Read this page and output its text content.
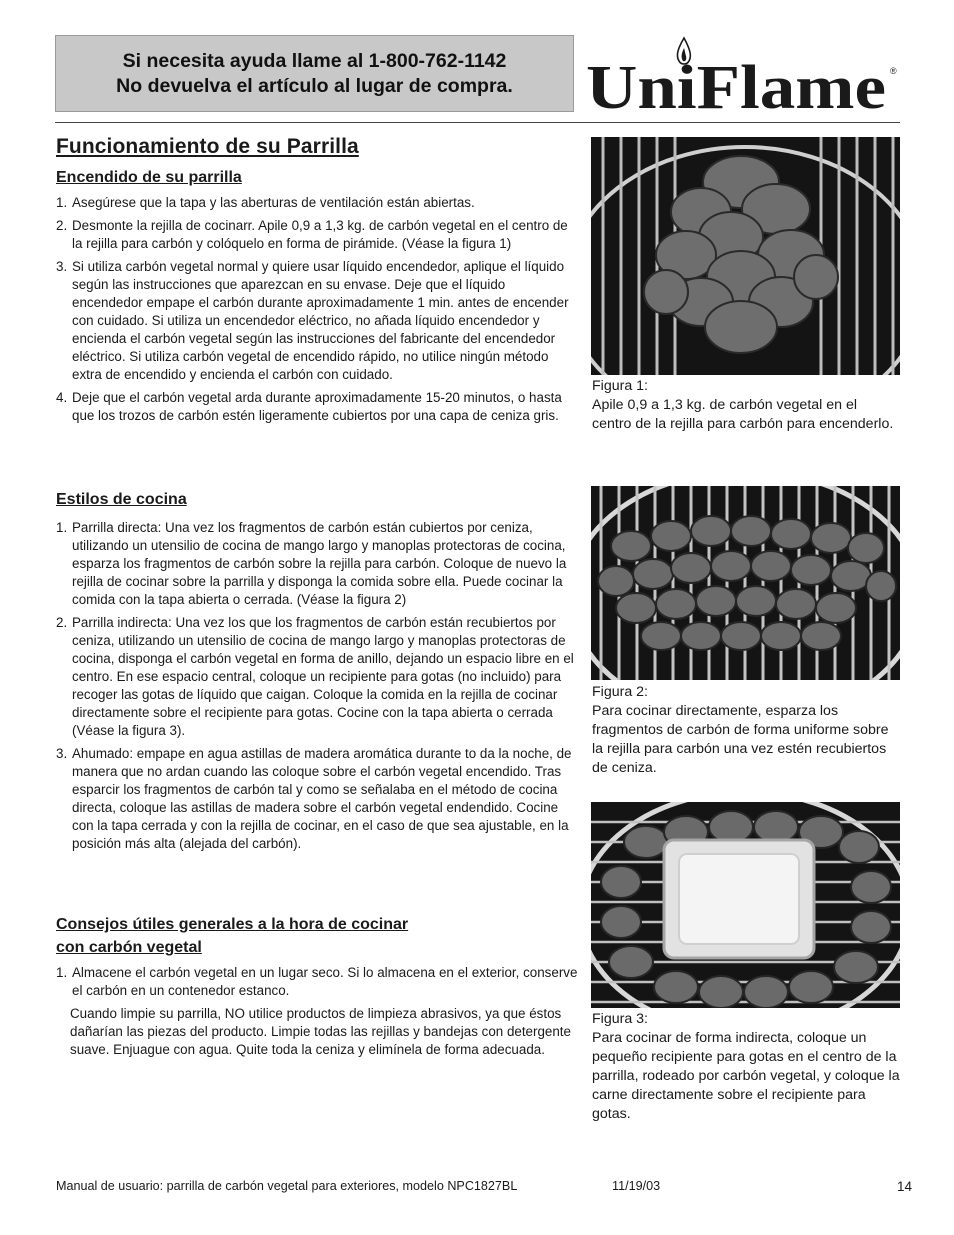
Si necesita ayuda llame al 1-800-762-1142
No devuelva el artículo al lugar de compra. UniFlame ®
Funcionamiento de su Parrilla
Encendido de su parrilla
1. Asegúrese que la tapa y las aberturas de ventilación están abiertas.
2. Desmonte la rejilla de cocinarr. Apile 0,9 a 1,3 kg. de carbón vegetal en el centro de la rejilla para carbón y colóquelo en forma de pirámide. (Véase la figura 1)
3. Si utiliza carbón vegetal normal y quiere usar líquido encendedor, aplique el líquido según las instrucciones que aparezcan en su envase. Deje que el líquido encendedor empape el carbón durante aproximadamente 1 min. antes de encender con cuidado. Si utiliza un encendedor eléctrico, no añada líquido encendedor y encienda el carbón vegetal según las instrucciones del fabricante del encendedor eléctrico. Si utiliza carbón vegetal de encendido rápido, no utilice ningún método extra de encendido y encienda el carbón con cuidado.
4. Deje que el carbón vegetal arda durante aproximadamente 15-20 minutos, o hasta que los trozos de carbón estén ligeramente cubiertos por una capa de ceniza gris.
Estilos de cocina
1. Parrilla directa: Una vez los fragmentos de carbón están cubiertos por ceniza, utilizando un utensilio de cocina de mango largo y manoplas protectoras de cocina, esparza los fragmentos de carbón sobre la rejilla para carbón. Coloque de nuevo la rejilla de cocinar sobre la parrilla y disponga la comida sobre ella. Puede cocinar la comida con la tapa abierta o cerrada. (Véase la figura 2)
2. Parrilla indirecta: Una vez los que los fragmentos de carbón están recubiertos por ceniza, utilizando un utensilio de cocina de mango largo y manoplas protectoras de cocina, disponga el carbón vegetal en forma de anillo, dejando un espacio libre en el centro. En ese espacio central, coloque un recipiente para gotas (no incluido) para recoger las gotas de líquido que caigan. Coloque la comida en la rejilla de cocinar directamente sobre el recipiente para gotas. Cocine con la tapa abierta o cerrada (Véase la figura 3).
3. Ahumado: empape en agua astillas de madera aromática durante to da la noche, de manera que no ardan cuando las coloque sobre el carbón vegetal encendido. Tras esparcir los fragmentos de carbón tal y como se señalaba en el método de cocina directa, coloque las astillas de madera sobre el carbón vegetal endendido. Cocine con la tapa cerrada y con la rejilla de cocinar, en el caso de que sea ajustable, en la posición más alta (alejada del carbón).
Consejos útiles generales a la hora de cocinar
con carbón vegetal
1. Almacene el carbón vegetal en un lugar seco. Si lo almacena en el exterior, conserve el carbón en un contenedor estanco.

Cuando limpie su parrilla, NO utilice productos de limpieza abrasivos, ya que éstos dañarían las piezas del producto. Limpie todas las rejillas y bandejas con detergente suave. Enjuague con agua. Quite toda la ceniza y elimínela de forma adecuada.

Figura 1:
Apile 0,9 a 1,3 kg. de carbón vegetal en el centro de la rejilla para carbón para encenderlo.

Figura 2:
Para cocinar directamente, esparza los fragmentos de carbón de forma uniforme sobre la rejilla para carbón una vez estén recubiertos de ceniza.

Figura 3:
Para cocinar de forma indirecta, coloque un pequeño recipiente para gotas en el centro de la parrilla, rodeado por carbón vegetal, y coloque la carne directamente sobre el recipiente para gotas.

Manual de usuario: parrilla de carbón vegetal para exteriores, modelo NPC1827BL	11/19/03	14
